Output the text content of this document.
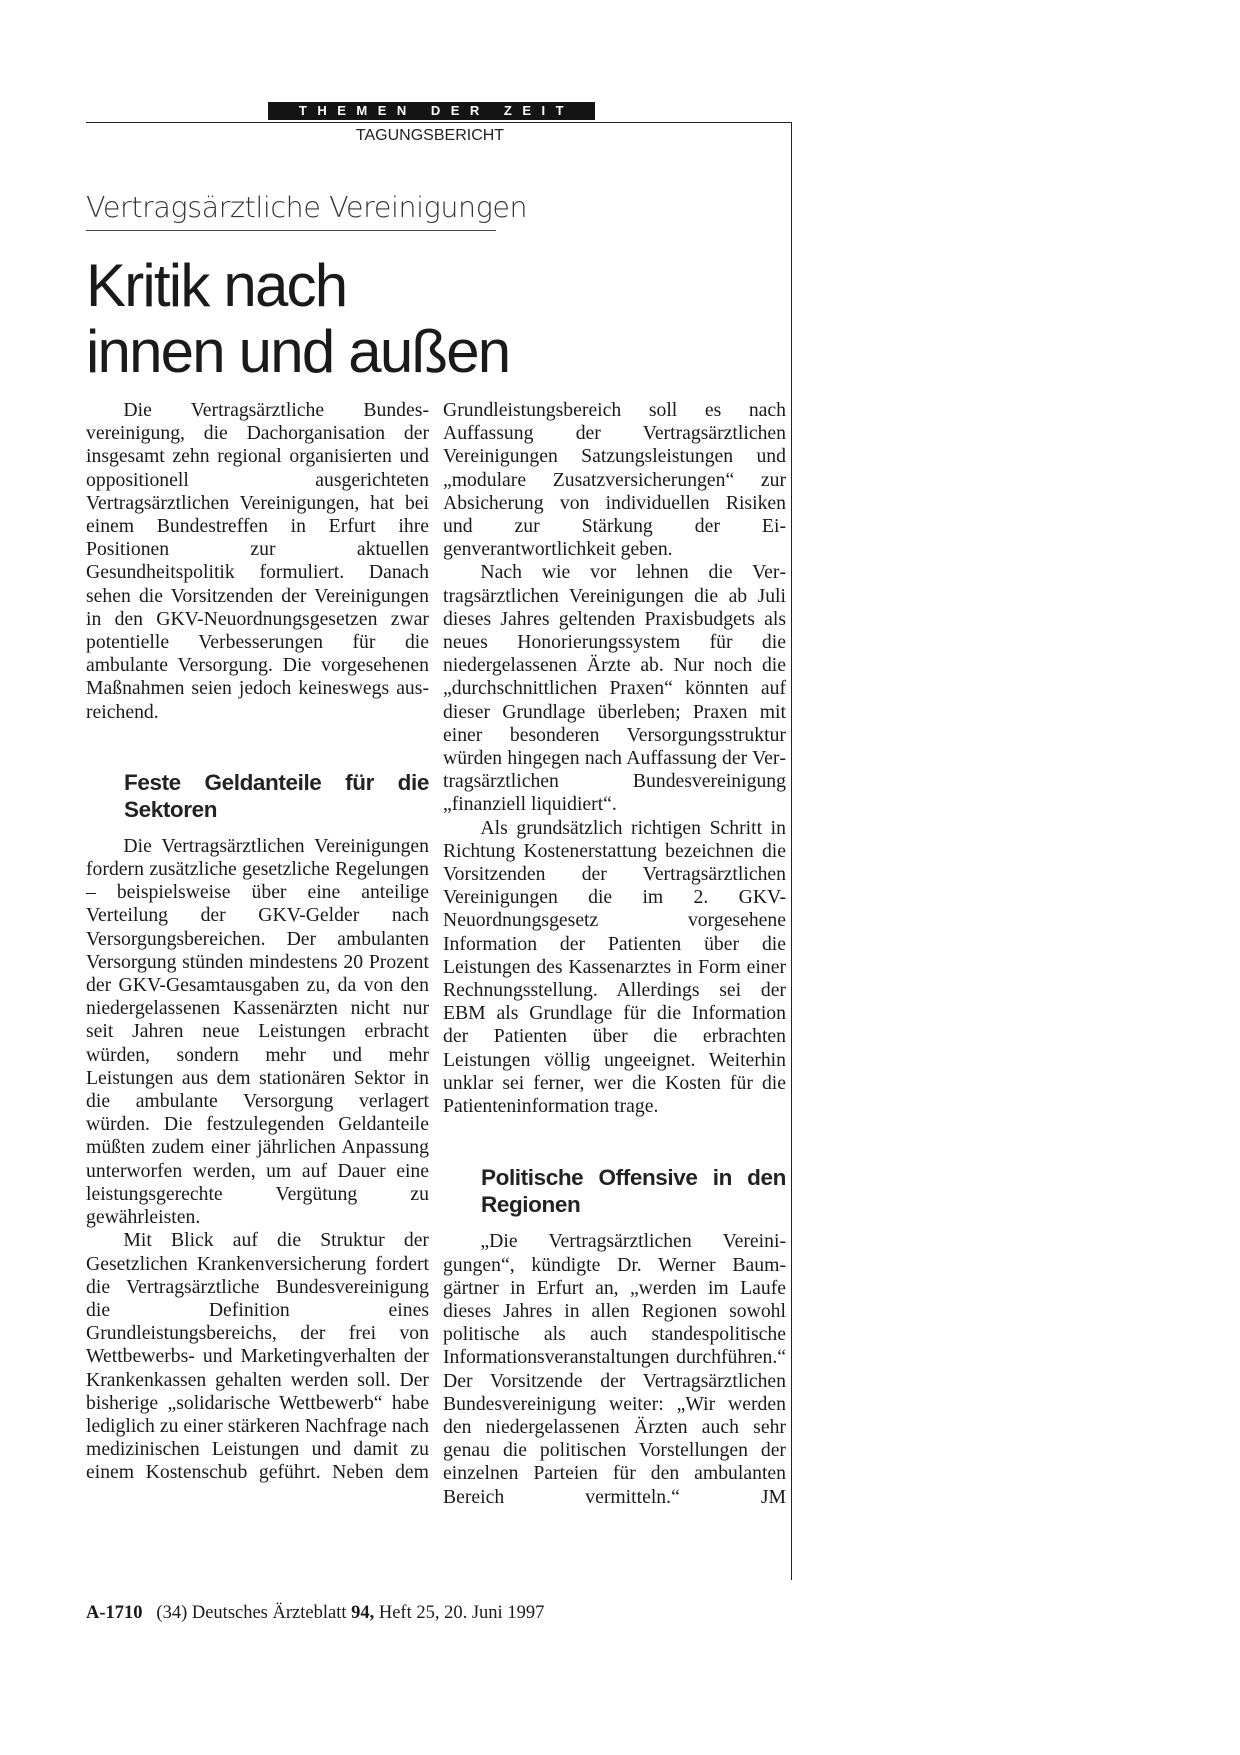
THEMEN DER ZEIT
TAGUNGSBERICHT
Vertragsärztliche Vereinigungen
Kritik nach
innen und außen

Die Vertragsärztliche Bundesvereinigung, die Dachorganisation der insgesamt zehn regional organisierten und oppositionell ausgerichteten Vertragsärztlichen Vereinigungen, hat bei einem Bundestreffen in Erfurt ihre Positionen zur aktuellen Gesundheitspolitik formuliert. Danach sehen die Vorsitzenden der Vereinigungen in den GKV-Neuordnungsgesetzen zwar potentielle Verbesserungen für die ambulante Versorgung. Die vorgesehenen Maßnahmen seien jedoch keineswegs ausreichend.

Feste Geldanteile für die Sektoren

Die Vertragsärztlichen Vereinigungen fordern zusätzliche gesetzliche Regelungen – beispielsweise über eine anteilige Verteilung der GKV-Gelder nach Versorgungsbereichen. Der ambulanten Versorgung stünden mindestens 20 Prozent der GKV-Gesamtausgaben zu, da von den niedergelassenen Kassenärzten nicht nur seit Jahren neue Leistungen erbracht würden, sondern mehr und mehr Leistungen aus dem stationären Sektor in die ambulante Versorgung verlagert würden. Die festzulegenden Geldanteile müßten zudem einer jährlichen Anpassung unterworfen werden, um auf Dauer eine leistungsgerechte Vergütung zu gewährleisten.

Mit Blick auf die Struktur der Gesetzlichen Krankenversicherung fordert die Vertragsärztliche Bundesvereinigung die Definition eines Grundleistungsbereichs, der frei von Wettbewerbs- und Marketingverhalten der Krankenkassen gehalten werden soll. Der bisherige „solidarische Wettbewerb“ habe lediglich zu einer stärkeren Nachfrage nach medizinischen Leistungen und damit zu einem Kostenschub geführt. Neben dem

Grundleistungsbereich soll es nach Auffassung der Vertragsärztlichen Vereinigungen Satzungsleistungen und „modulare Zusatzversicherungen“ zur Absicherung von individuellen Risiken und zur Stärkung der Eigenverantwortlichkeit geben.

Nach wie vor lehnen die Vertragsärztlichen Vereinigungen die ab Juli dieses Jahres geltenden Praxisbudgets als neues Honorierungssystem für die niedergelassenen Ärzte ab. Nur noch die „durchschnittlichen Praxen“ könnten auf dieser Grundlage überleben; Praxen mit einer besonderen Versorgungsstruktur würden hingegen nach Auffassung der Vertragsärztlichen Bundesvereinigung „finanziell liquidiert“.

Als grundsätzlich richtigen Schritt in Richtung Kostenerstattung bezeichnen die Vorsitzenden der Vertragsärztlichen Vereinigungen die im 2. GKV-Neuordnungsgesetz vorgesehene Information der Patienten über die Leistungen des Kassenarztes in Form einer Rechnungsstellung. Allerdings sei der EBM als Grundlage für die Information der Patienten über die erbrachten Leistungen völlig ungeeignet. Weiterhin unklar sei ferner, wer die Kosten für die Patienteninformation trage.

Politische Offensive in den Regionen

„Die Vertragsärztlichen Vereinigungen“, kündigte Dr. Werner Baumgärtner in Erfurt an, „werden im Laufe dieses Jahres in allen Regionen sowohl politische als auch standespolitische Informationsveranstaltungen durchführen.“ Der Vorsitzende der Vertragsärztlichen Bundesvereinigung weiter: „Wir werden den niedergelassenen Ärzten auch sehr genau die politischen Vorstellungen der einzelnen Parteien für den ambulanten Bereich vermitteln.“ JM

A-1710 (34) Deutsches Ärzteblatt 94, Heft 25, 20. Juni 1997
